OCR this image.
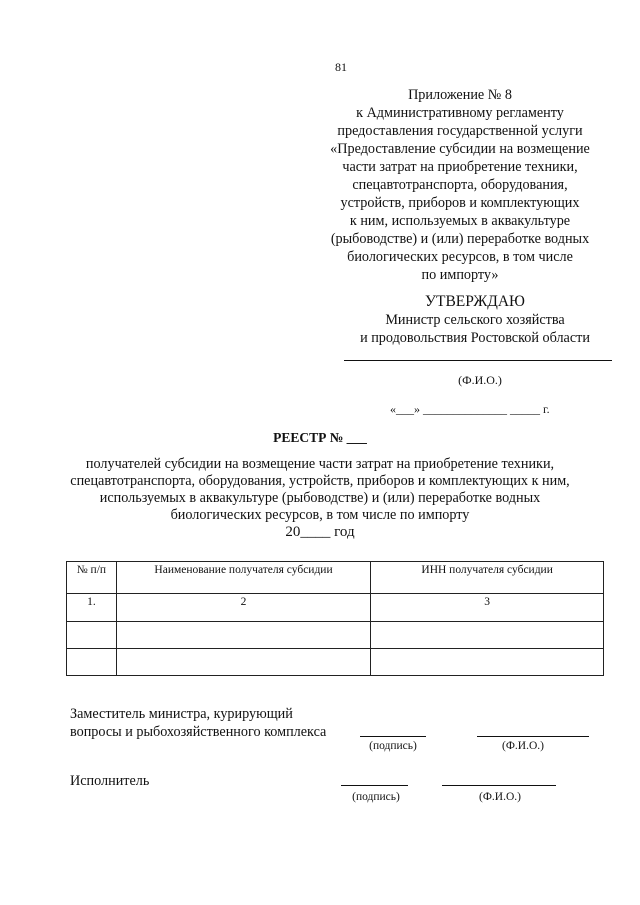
81
Приложение № 8
к Административному регламенту
предоставления государственной услуги
«Предоставление субсидии на возмещение
части затрат на приобретение техники,
спецавтотранспорта, оборудования,
устройств, приборов и комплектующих
к ним, используемых в аквакультуре
(рыбоводстве) и (или) переработке водных
биологических ресурсов, в том числе
по импорту»
УТВЕРЖДАЮ
Министр сельского хозяйства
и продовольствия Ростовской области
(Ф.И.О.)
«___» ______________ _____ г.
РЕЕСТР № ___
получателей субсидии на возмещение части затрат на приобретение техники,
спецавтотранспорта, оборудования, устройств, приборов и комплектующих к ним,
используемых в аквакультуре (рыбоводстве) и (или) переработке водных
биологических ресурсов, в том числе по импорту
20____ год
№ п/п	Наименование получателя субсидии	ИНН получателя субсидии
1.	2	3

Заместитель министра, курирующий
вопросы и рыбохозяйственного комплекса
(подпись)	(Ф.И.О.)
Исполнитель
(подпись)	(Ф.И.О.)
